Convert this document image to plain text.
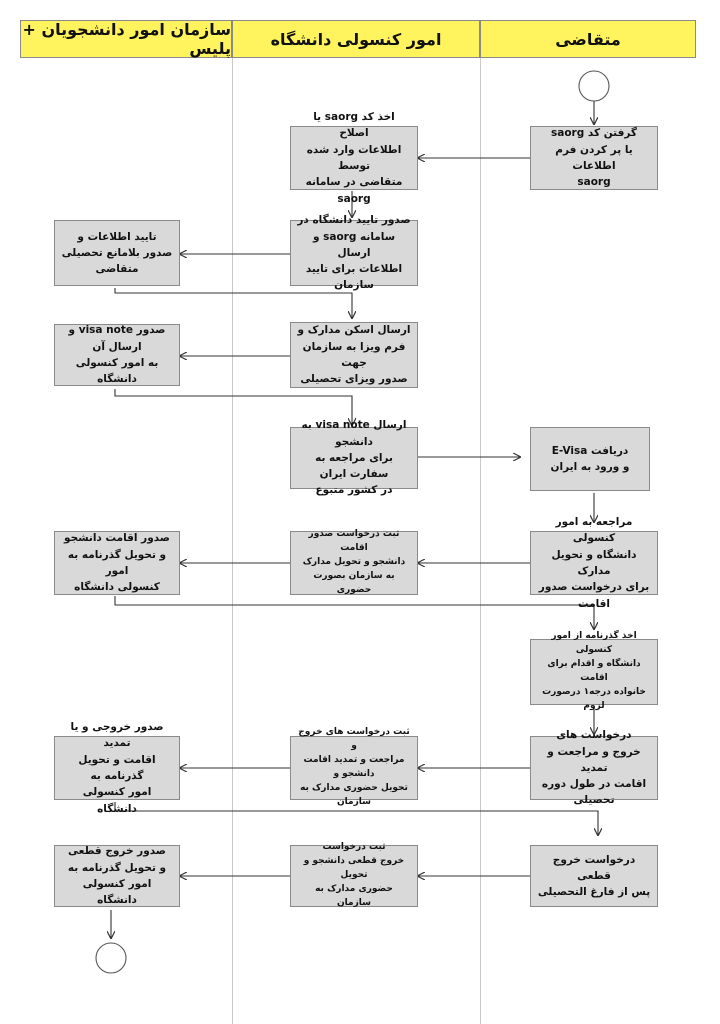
متقاضی
امور کنسولی دانشگاه
سازمان امور دانشجویان + پلیس
گرفتن کد saorg
یا پر کردن فرم اطلاعات
saorg
دریافت E-Visa
و ورود به ایران
مراجعه به امور کنسولی
دانشگاه و تحویل مدارک
برای درخواست صدور اقامت
اخذ گذرنامه از امور کنسولی
دانشگاه و اقدام برای اقامت
خانواده درجه۱ درصورت لزوم
درخواست های
خروج و مراجعت و تمدید
اقامت در طول دوره تحصیلی
درخواست خروج قطعی
پس از فارغ التحصیلی
اخذ کد saorg یا اصلاح
اطلاعات وارد شده توسط
متقاضی در سامانه saorg
صدور تایید دانشگاه در
سامانه saorg و ارسال
اطلاعات برای تایید سازمان
ارسال اسکن مدارک و
فرم ویزا به سازمان جهت
صدور ویزای تحصیلی
ارسال visa note به دانشجو
برای مراجعه به سفارت ایران
در کشور متبوع
ثبت درخواست صدور اقامت
دانشجو و تحویل مدارک
به سازمان بصورت حضوری
ثبت درخواست های خروج و
مراجعت و تمدید اقامت دانشجو و
تحویل حضوری مدارک به سازمان
ثبت درخواست
خروج قطعی دانشجو و تحویل
حضوری مدارک به سازمان
تایید اطلاعات و
صدور بلامانع تحصیلی
متقاضی
صدور visa note و ارسال آن
به امور کنسولی دانشگاه
صدور اقامت دانشجو
و تحویل گذرنامه به امور
کنسولی دانشگاه
صدور خروجی و یا تمدید
اقامت و تحویل گذرنامه به
امور کنسولی دانشگاه
صدور خروج قطعی
و تحویل گذرنامه به
امور کنسولی دانشگاه
